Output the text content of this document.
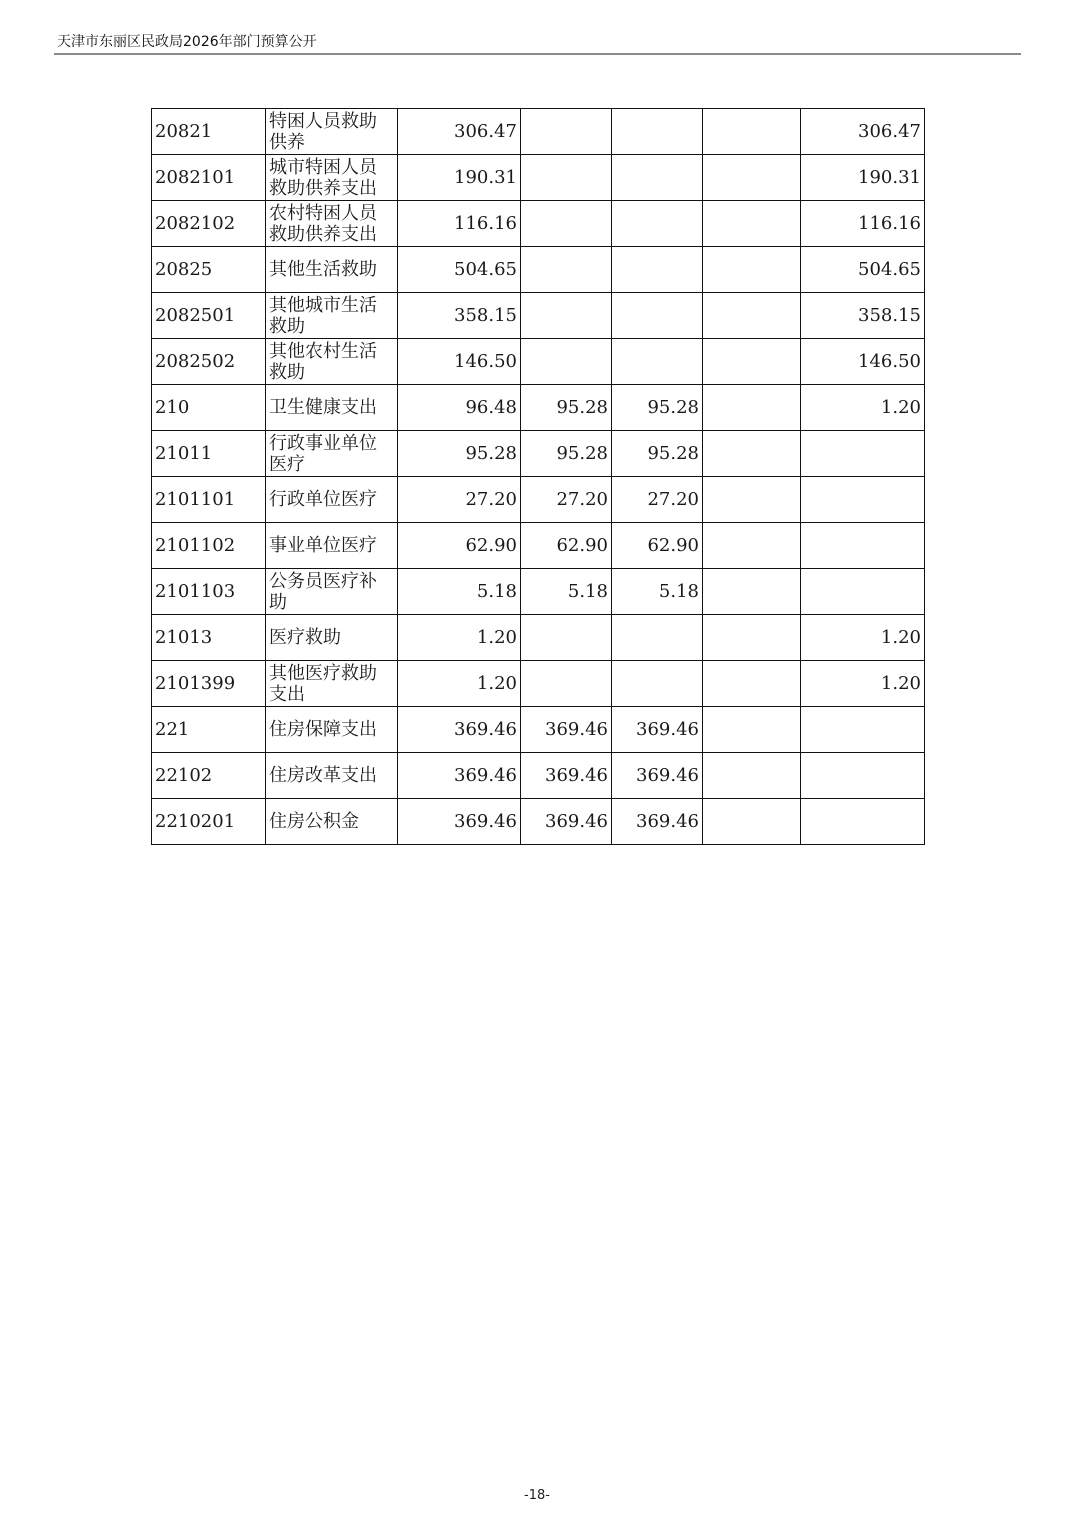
天津市东丽区民政局2026年部门预算公开
20821	特困人员救助供养	306.47				306.47
2082101	城市特困人员救助供养支出	190.31				190.31
2082102	农村特困人员救助供养支出	116.16				116.16
20825	其他生活救助	504.65				504.65
2082501	其他城市生活救助	358.15				358.15
2082502	其他农村生活救助	146.50				146.50
210	卫生健康支出	96.48	95.28	95.28		1.20
21011	行政事业单位医疗	95.28	95.28	95.28		
2101101	行政单位医疗	27.20	27.20	27.20		
2101102	事业单位医疗	62.90	62.90	62.90		
2101103	公务员医疗补助	5.18	5.18	5.18		
21013	医疗救助	1.20				1.20
2101399	其他医疗救助支出	1.20				1.20
221	住房保障支出	369.46	369.46	369.46		
22102	住房改革支出	369.46	369.46	369.46		
2210201	住房公积金	369.46	369.46	369.46		
-18-
